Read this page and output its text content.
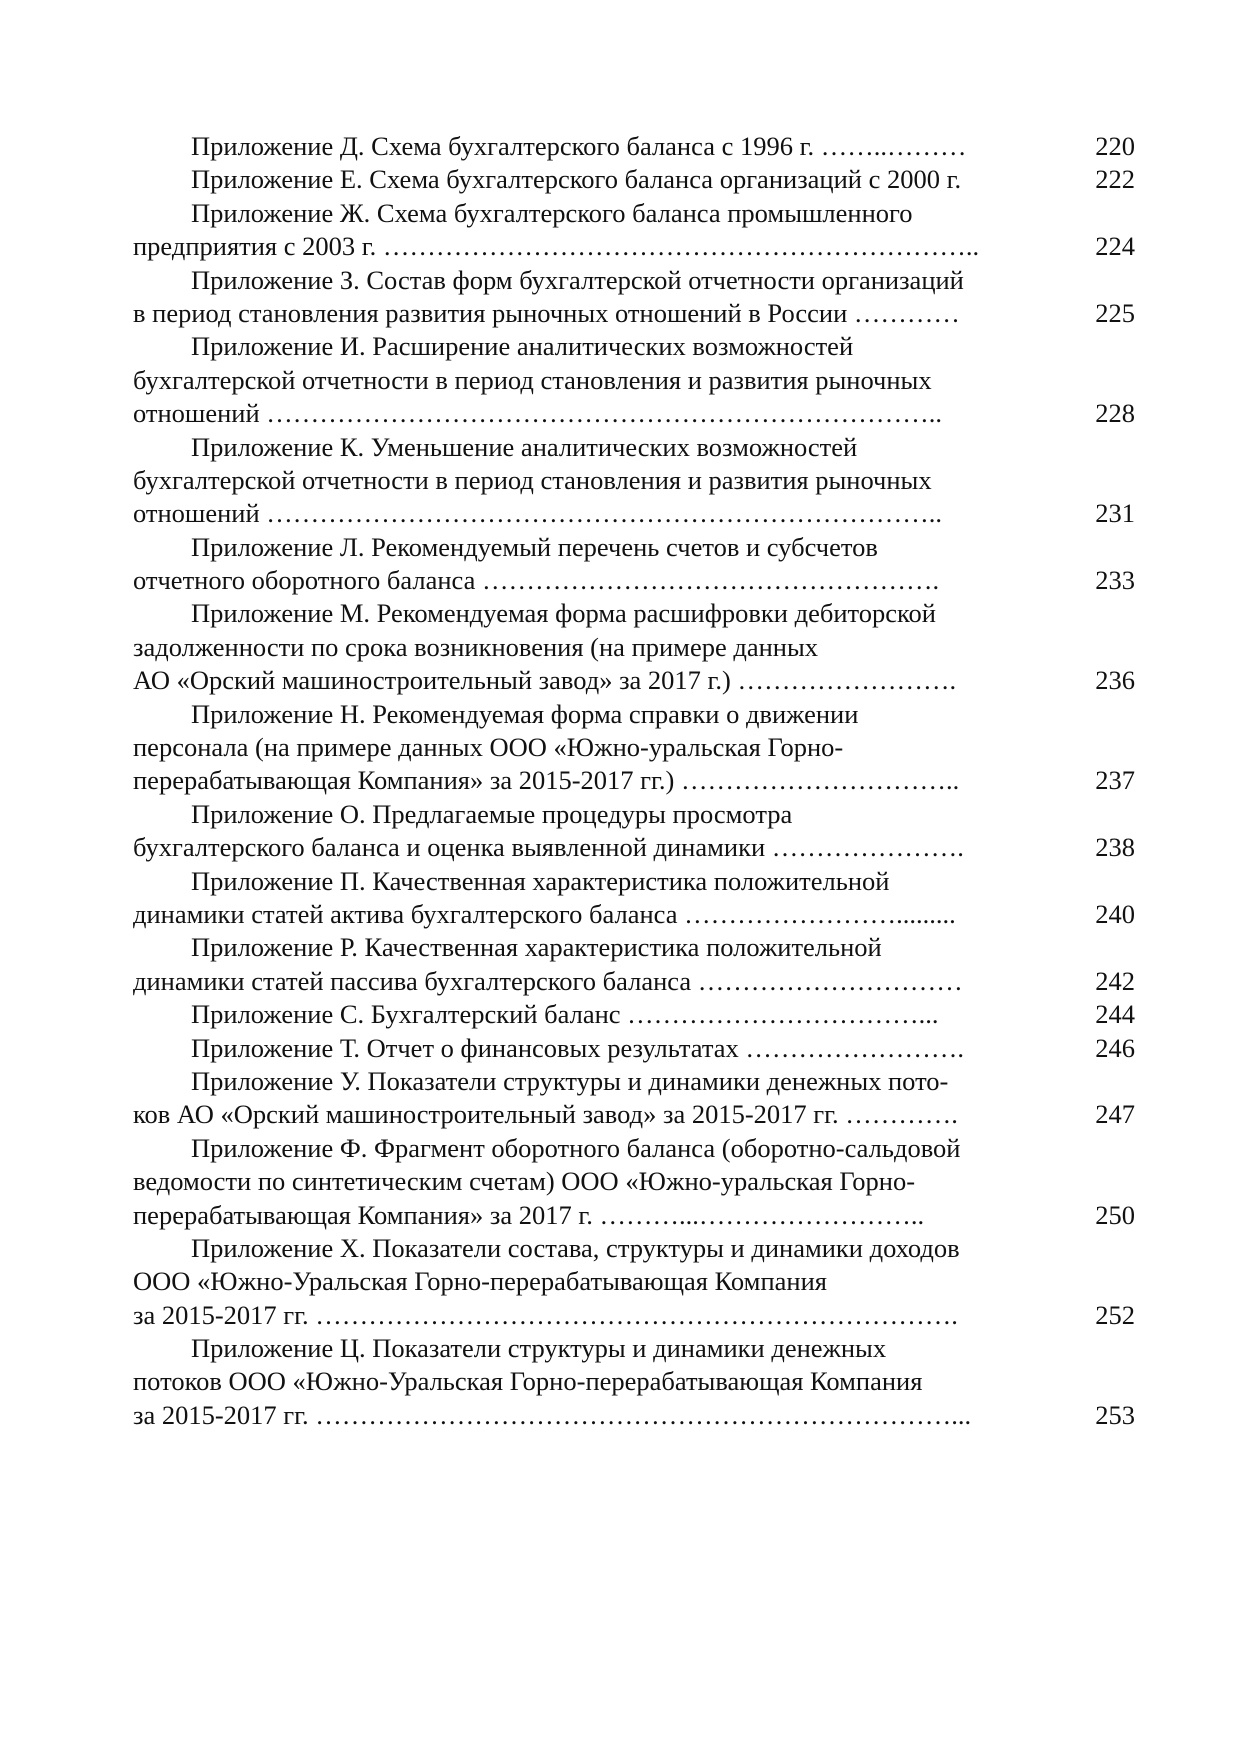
Приложение Д. Схема бухгалтерского баланса с 1996 г. ……..………	220
Приложение Е. Схема бухгалтерского баланса организаций с 2000 г.	222
Приложение Ж. Схема бухгалтерского баланса промышленного
предприятия с 2003 г. …………………………………………………………..	224
Приложение З. Состав форм бухгалтерской отчетности организаций
в период становления развития рыночных отношений в России …………	225
Приложение И. Расширение аналитических возможностей
бухгалтерской отчетности в период становления и развития рыночных
отношений …………………………………………………………………..	228
Приложение К. Уменьшение аналитических возможностей
бухгалтерской отчетности в период становления и развития рыночных
отношений …………………………………………………………………..	231
Приложение Л. Рекомендуемый перечень счетов и субсчетов
отчетного оборотного баланса …………………………………………….	233
Приложение М. Рекомендуемая форма расшифровки дебиторской
задолженности по срока возникновения (на примере данных
АО «Орский машиностроительный завод» за 2017 г.) …………………….	236
Приложение Н. Рекомендуемая форма справки о движении
персонала (на примере данных ООО «Южно-уральская Горно-
перерабатывающая Компания» за 2015-2017 гг.) …………………………..	237
Приложение О. Предлагаемые процедуры просмотра
бухгалтерского баланса и оценка выявленной динамики ………………….	238
Приложение П. Качественная характеристика положительной
динамики статей актива бухгалтерского баланса …………………….........	240
Приложение Р. Качественная характеристика положительной
динамики статей пассива бухгалтерского баланса …………………………	242
Приложение С. Бухгалтерский баланс ……………………………...	244
Приложение Т. Отчет о финансовых результатах …………………….	246
Приложение У. Показатели структуры и динамики денежных пото-
ков АО «Орский машиностроительный завод» за 2015-2017 гг. ………….	247
Приложение Ф. Фрагмент оборотного баланса (оборотно-сальдовой
ведомости по синтетическим счетам) ООО «Южно-уральская Горно-
перерабатывающая Компания» за 2017 г. ………...……………………..	250
Приложение Х. Показатели состава, структуры и динамики доходов
ООО «Южно-Уральская Горно-перерабатывающая Компания
за 2015-2017 гг. ……………………………………………………………….	252
Приложение Ц. Показатели структуры и динамики денежных
потоков ООО «Южно-Уральская Горно-перерабатывающая Компания
за 2015-2017 гг. ………………………………………………………………...	253
